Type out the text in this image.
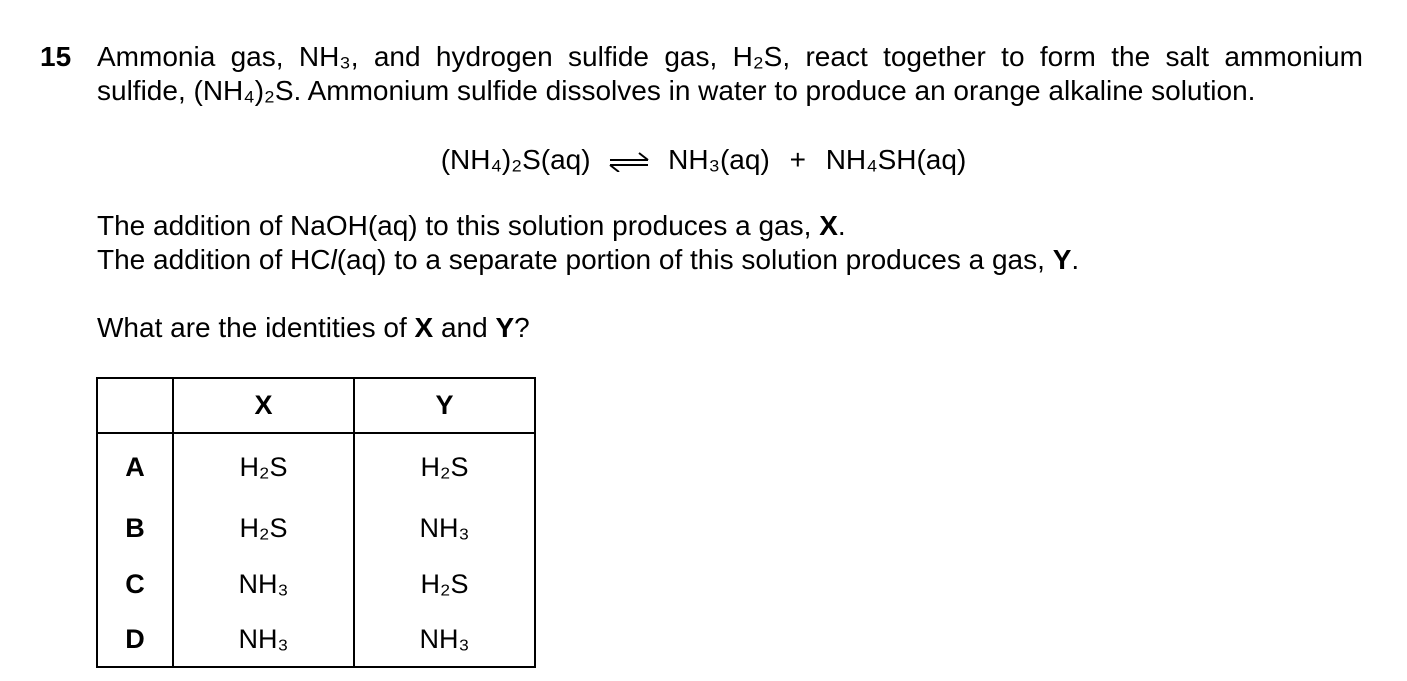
15 Ammonia gas, NH₃, and hydrogen sulfide gas, H₂S, react together to form the salt ammonium
sulfide, (NH₄)₂S. Ammonium sulfide dissolves in water to produce an orange alkaline solution.
(NH₄)₂S(aq) ⇌ NH₃(aq) + NH₄SH(aq)
The addition of NaOH(aq) to this solution produces a gas, X.
The addition of HCl(aq) to a separate portion of this solution produces a gas, Y.
What are the identities of X and Y?
	X	Y
A	H₂S	H₂S
B	H₂S	NH₃
C	NH₃	H₂S
D	NH₃	NH₃
